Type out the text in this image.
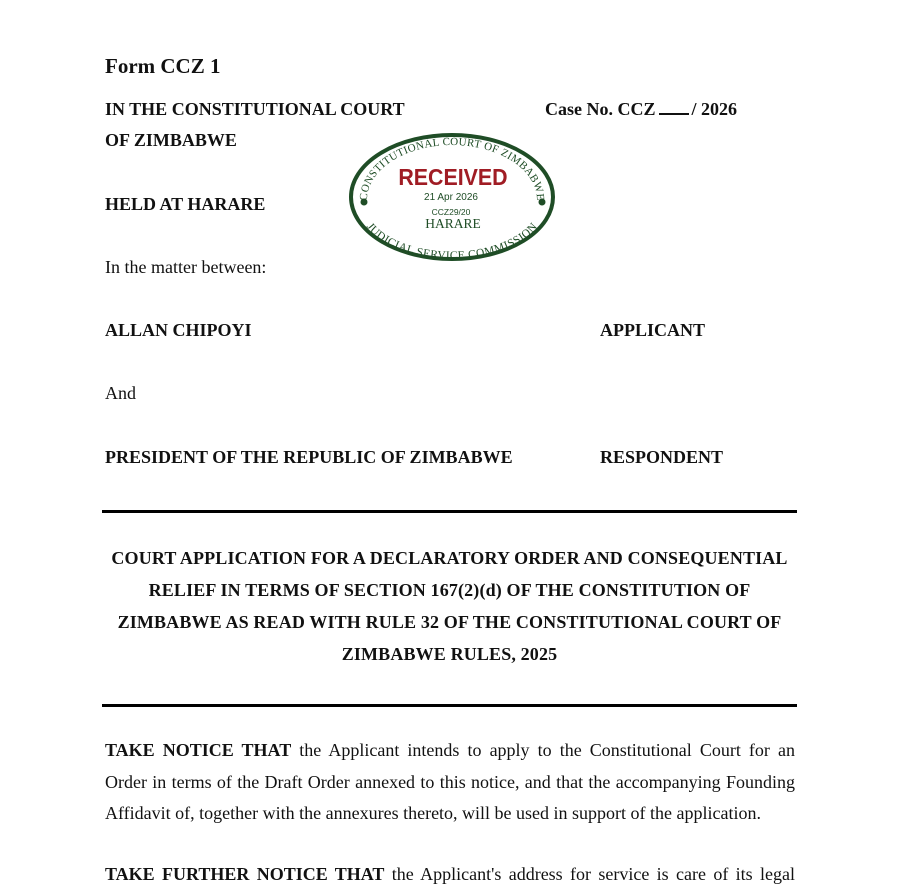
Form CCZ 1
IN THE CONSTITUTIONAL COURT	Case No. CCZ / 2026
OF ZIMBABWE
HELD AT HARARE	CONSTITUTIONAL COURT OF ZIMBABWE
JUDICIAL SERVICE COMMISSION
RECEIVED
21 Apr 2026
CCZ29/20
HARARE
In the matter between:
ALLAN CHIPOYI	APPLICANT
And
PRESIDENT OF THE REPUBLIC OF ZIMBABWE	RESPONDENT
COURT APPLICATION FOR A DECLARATORY ORDER AND CONSEQUENTIAL
RELIEF IN TERMS OF SECTION 167(2)(d) OF THE CONSTITUTION OF
ZIMBABWE AS READ WITH RULE 32 OF THE CONSTITUTIONAL COURT OF
ZIMBABWE RULES, 2025
TAKE NOTICE THAT the Applicant intends to apply to the Constitutional Court for an
Order in terms of the Draft Order annexed to this notice, and that the accompanying Founding
Affidavit of, together with the annexures thereto, will be used in support of the application.
TAKE FURTHER NOTICE THAT the Applicant's address for service is care of its legal
